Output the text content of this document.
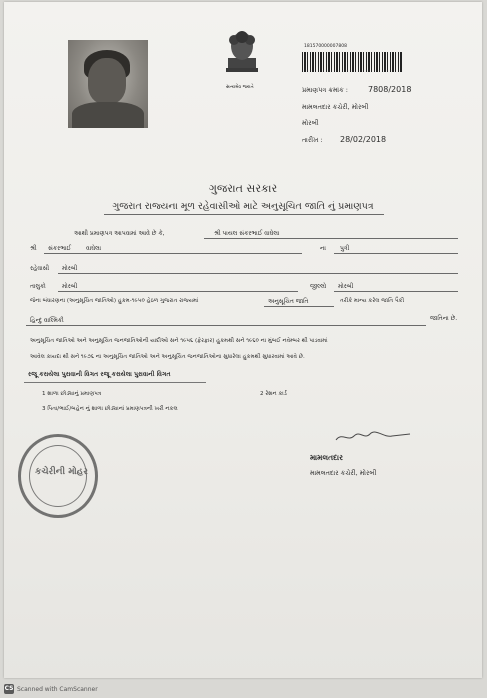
સત્યમેવ જયતે
181570000007808
પ્રમાણપત્ર ક્રમાંક :	7808/2018
મામલતદાર કચેરી, મોરબી
મોરબી
તારીખ : 28/02/2018
ગુજરાત સરકાર
ગુજરાત રાજ્યના મૂળ રહેવાસીઓ માટે અનુસૂચિત જાતિ નું પ્રમાણપત્ર
આથી પ્રમાણપત્ર આપવામાં આવે છે કે,	શ્રી પાયલ સંકરભાઈ વાઘેલા
શ્રી સંકરભાઈ વાઘેલા	ના પુત્રી
રહેવાસી મોરબી
તાલુકો	મોરબી	જીલ્લો મોરબી
જેના બંધારણના (અનુસૂચિત જાતિઓ) હુકમ-૧૯૫૦ હેઠળ ગુજરાત રાજ્યમાં	અનુસૂચિત જાતિ	તરીકે માન્ય કરેલ જાતિ પૈકી
હિન્દુ વાલ્મિકી	જાતિના છે.
અનુસૂચિત જાતિઓ અને અનુસૂચિત જનજાતિઓની યાદીઓ સને ૧૯૫૬ (ફેરફાર) હુકમથી સને ૧૯૬૦ ના મુંબઈ નવેમ્બર થી પાડવામાં
આવેલ કાયદા થી સને ૧૯૭૬ ના અનુસૂચિત જાતિઓ અને અનુસૂચિત જનજાતિઓના સુધારેલા હુકમથી સુધારવામાં આવે છે.
રજૂ કરાયેલા પુરાવાની વિગત રજૂ કરાયેલા પુરાવાની વિગત
1 શાળા છોડ્યાનું પ્રમાણપત્ર	2 રેશન કાર્ડ
3 પિતા/ભાઈ/બહેન નું શાળા છોડ્યાનાં પ્રમાણપત્રની ખરી નકલ
કચેરીની મોહર
મામલતદાર
મામલતદાર કચેરી, મોરબી
CS Scanned with CamScanner
